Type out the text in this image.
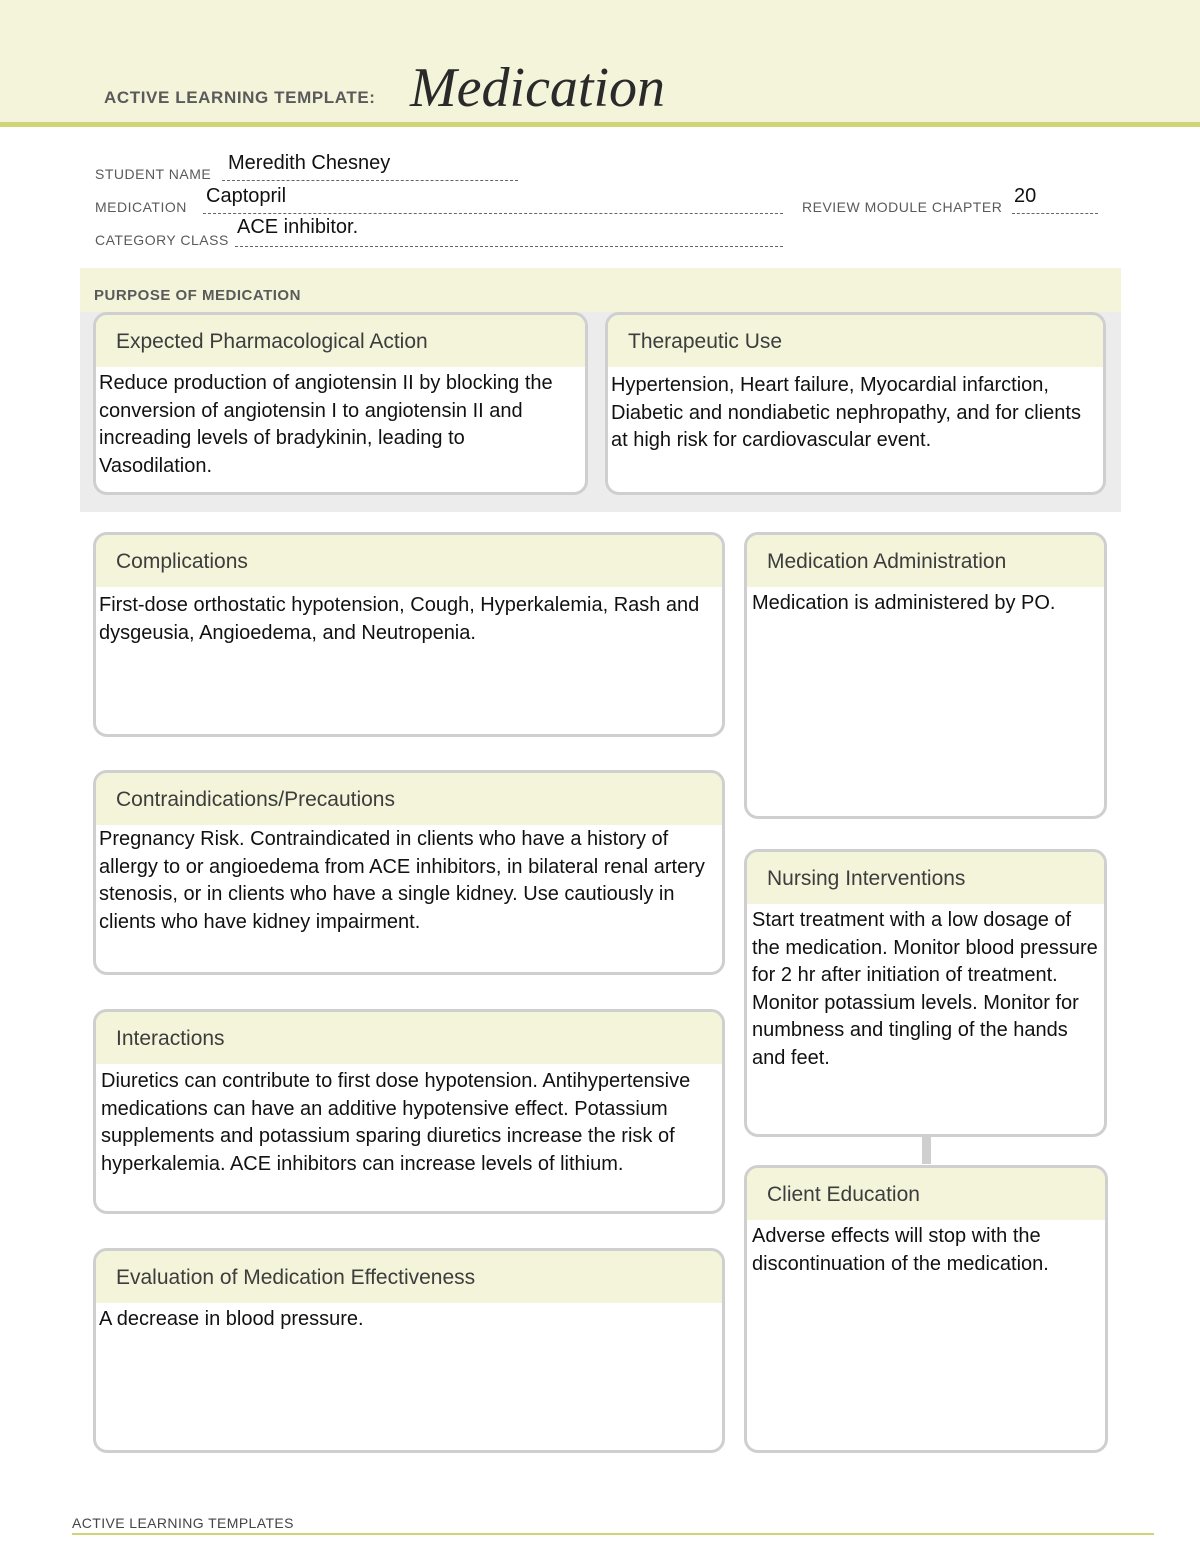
ACTIVE LEARNING TEMPLATE: Medication
STUDENT NAME Meredith Chesney
MEDICATION Captopril	REVIEW MODULE CHAPTER 20
CATEGORY CLASS
ACE inhibitor.
PURPOSE OF MEDICATION
Expected Pharmacological Action
Reduce production of angiotensin II by blocking the conversion of angiotensin I to angiotensin II and increading levels of bradykinin, leading to Vasodilation.
Therapeutic Use
Hypertension, Heart failure, Myocardial infarction, Diabetic and nondiabetic nephropathy, and for clients at high risk for cardiovascular event.
Complications
First-dose orthostatic hypotension, Cough, Hyperkalemia, Rash and dysgeusia, Angioedema, and Neutropenia.
Contraindications/Precautions
Pregnancy Risk. Contraindicated in clients who have a history of allergy to or angioedema from ACE inhibitors, in bilateral renal artery stenosis, or in clients who have a single kidney. Use cautiously in clients who have kidney impairment.
Interactions
Diuretics can contribute to first dose hypotension. Antihypertensive medications can have an additive hypotensive effect. Potassium supplements and potassium sparing diuretics increase the risk of hyperkalemia. ACE inhibitors can increase levels of lithium.
Evaluation of Medication Effectiveness
A decrease in blood pressure.
Medication Administration
Medication is administered by PO.
Nursing Interventions
Start treatment with a low dosage of the medication. Monitor blood pressure for 2 hr after initiation of treatment. Monitor potassium levels. Monitor for numbness and tingling of the hands and feet.
Client Education
Adverse effects will stop with the discontinuation of the medication.
ACTIVE LEARNING TEMPLATES
